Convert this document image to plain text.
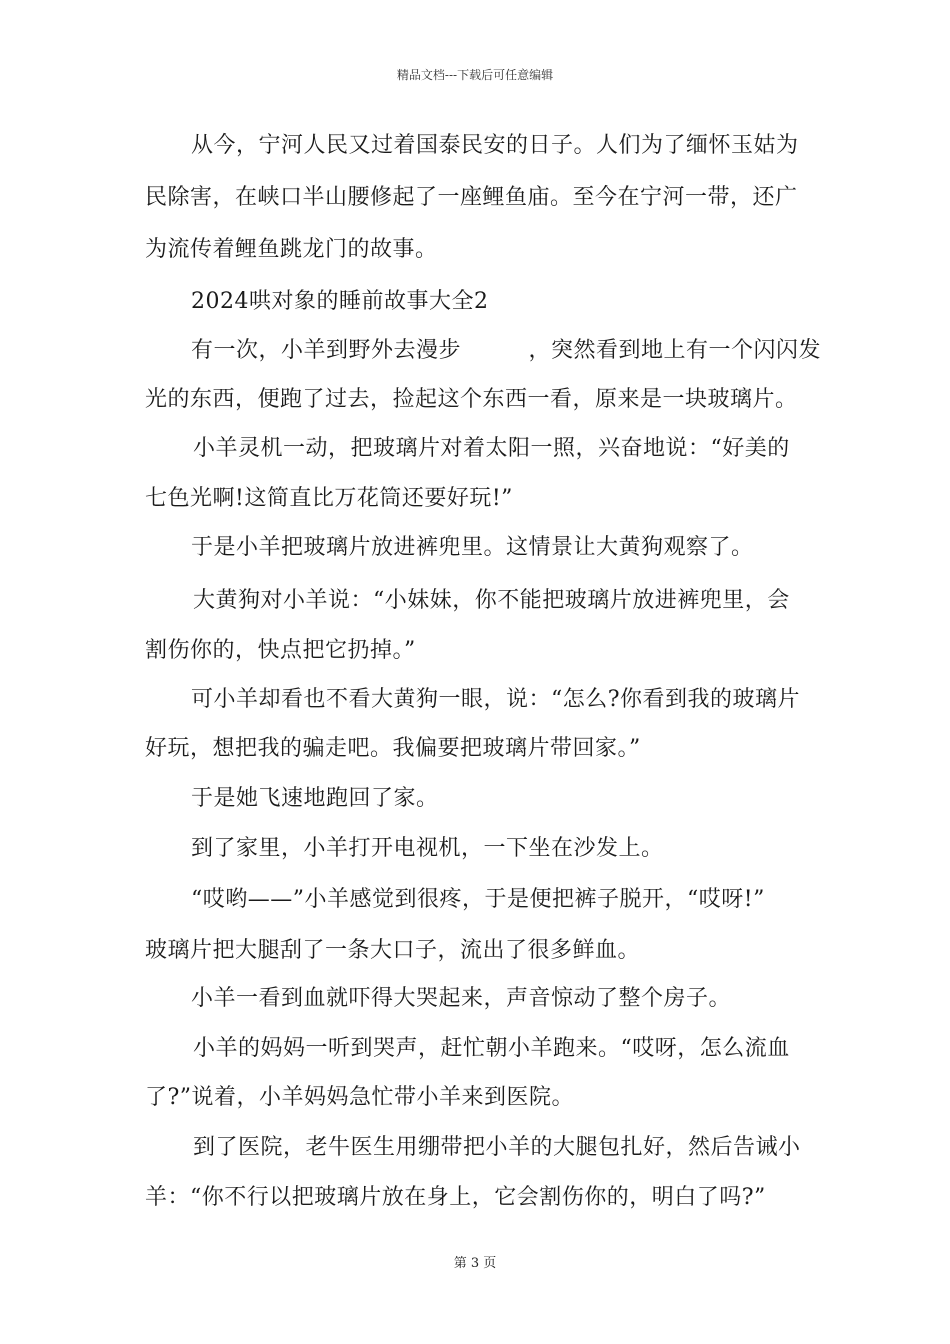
精品文档---下载后可任意编辑
从今，宁河人民又过着国泰民安的日子。人们为了缅怀玉姑为
民除害，在峡口半山腰修起了一座鲤鱼庙。至今在宁河一带，还广
为流传着鲤鱼跳龙门的故事。
2024哄对象的睡前故事大全2
有一次，小羊到野外去漫步　　　，突然看到地上有一个闪闪发
光的东西，便跑了过去，捡起这个东西一看，原来是一块玻璃片。
小羊灵机一动，把玻璃片对着太阳一照，兴奋地说：“好美的
七色光啊!这简直比万花筒还要好玩!”
于是小羊把玻璃片放进裤兜里。这情景让大黄狗观察了。
大黄狗对小羊说：“小妹妹，你不能把玻璃片放进裤兜里，会
割伤你的，快点把它扔掉。”
可小羊却看也不看大黄狗一眼，说：“怎么?你看到我的玻璃片
好玩，想把我的骗走吧。我偏要把玻璃片带回家。”
于是她飞速地跑回了家。
到了家里，小羊打开电视机，一下坐在沙发上。
“哎哟——”小羊感觉到很疼，于是便把裤子脱开，“哎呀!”
玻璃片把大腿刮了一条大口子，流出了很多鲜血。
小羊一看到血就吓得大哭起来，声音惊动了整个房子。
小羊的妈妈一听到哭声，赶忙朝小羊跑来。“哎呀，怎么流血
了?”说着，小羊妈妈急忙带小羊来到医院。
到了医院，老牛医生用绷带把小羊的大腿包扎好，然后告诫小
羊：“你不行以把玻璃片放在身上，它会割伤你的，明白了吗?”
第 3 页
